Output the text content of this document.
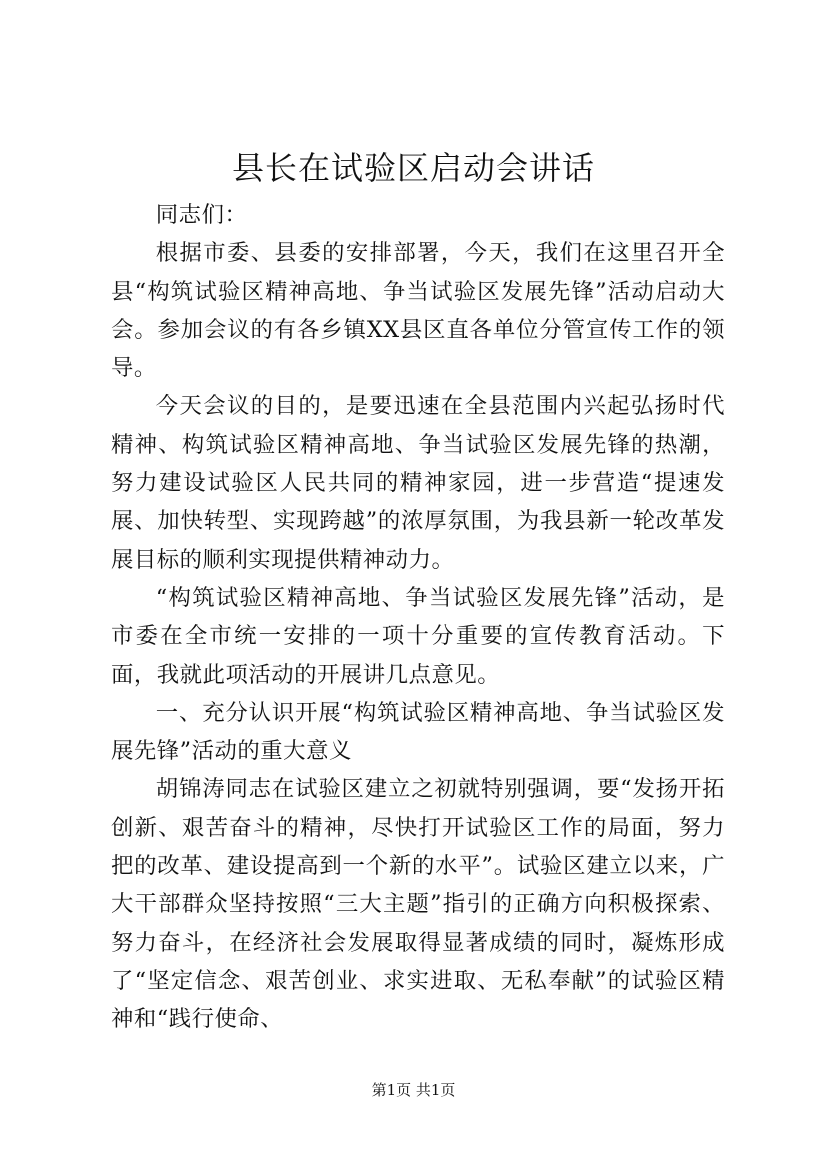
县长在试验区启动会讲话

同志们：

根据市委、县委的安排部署，今天，我们在这里召开全县“构筑试验区精神高地、争当试验区发展先锋”活动启动大会。参加会议的有各乡镇XX县区直各单位分管宣传工作的领导。

今天会议的目的，是要迅速在全县范围内兴起弘扬时代精神、构筑试验区精神高地、争当试验区发展先锋的热潮，努力建设试验区人民共同的精神家园，进一步营造“提速发展、加快转型、实现跨越”的浓厚氛围，为我县新一轮改革发展目标的顺利实现提供精神动力。

“构筑试验区精神高地、争当试验区发展先锋”活动，是市委在全市统一安排的一项十分重要的宣传教育活动。下面，我就此项活动的开展讲几点意见。

一、充分认识开展“构筑试验区精神高地、争当试验区发展先锋”活动的重大意义

胡锦涛同志在试验区建立之初就特别强调，要“发扬开拓创新、艰苦奋斗的精神，尽快打开试验区工作的局面，努力把的改革、建设提高到一个新的水平”。试验区建立以来，广大干部群众坚持按照“三大主题”指引的正确方向积极探索、努力奋斗，在经济社会发展取得显著成绩的同时，凝炼形成了“坚定信念、艰苦创业、求实进取、无私奉献”的试验区精神和“践行使命、

第1页 共1页
